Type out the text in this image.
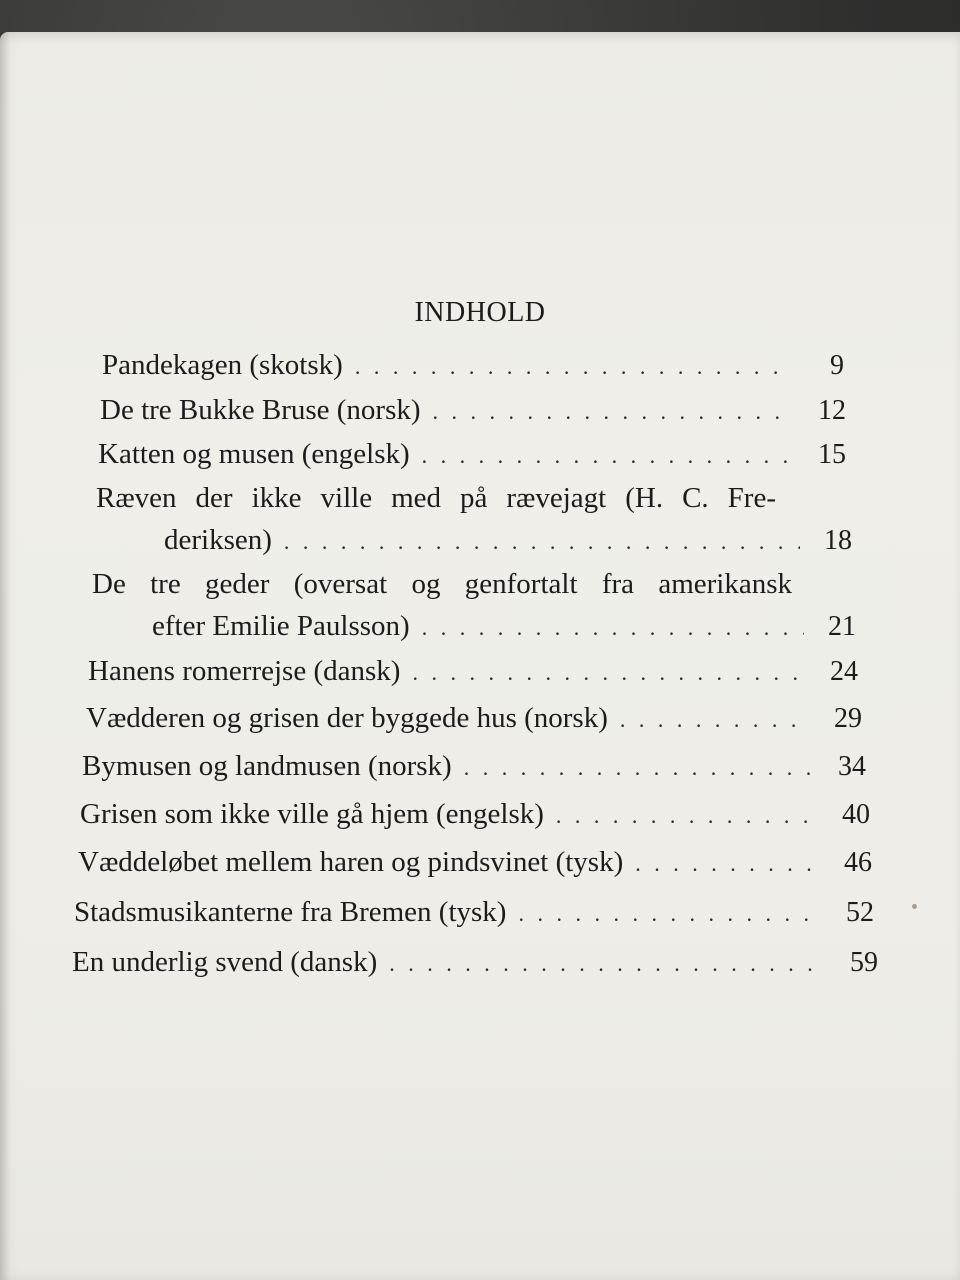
INDHOLD
Pandekagen (skotsk) . . .	9
De tre Bukke Bruse (norsk) . . .	12
Katten og musen (engelsk) . . .	15
Ræven der ikke ville med på rævejagt (H. C. Fre-
deriksen) . . .	18
De tre geder (oversat og genfortalt fra amerikansk
efter Emilie Paulsson) . . .	21
Hanens romerrejse (dansk) . . .	24
Vædderen og grisen der byggede hus (norsk) . . .	29
Bymusen og landmusen (norsk) . . .	34
Grisen som ikke ville gå hjem (engelsk) . . .	40
Væddeløbet mellem haren og pindsvinet (tysk) . . .	46
Stadsmusikanterne fra Bremen (tysk) . . .	52
En underlig svend (dansk) . . .	59
